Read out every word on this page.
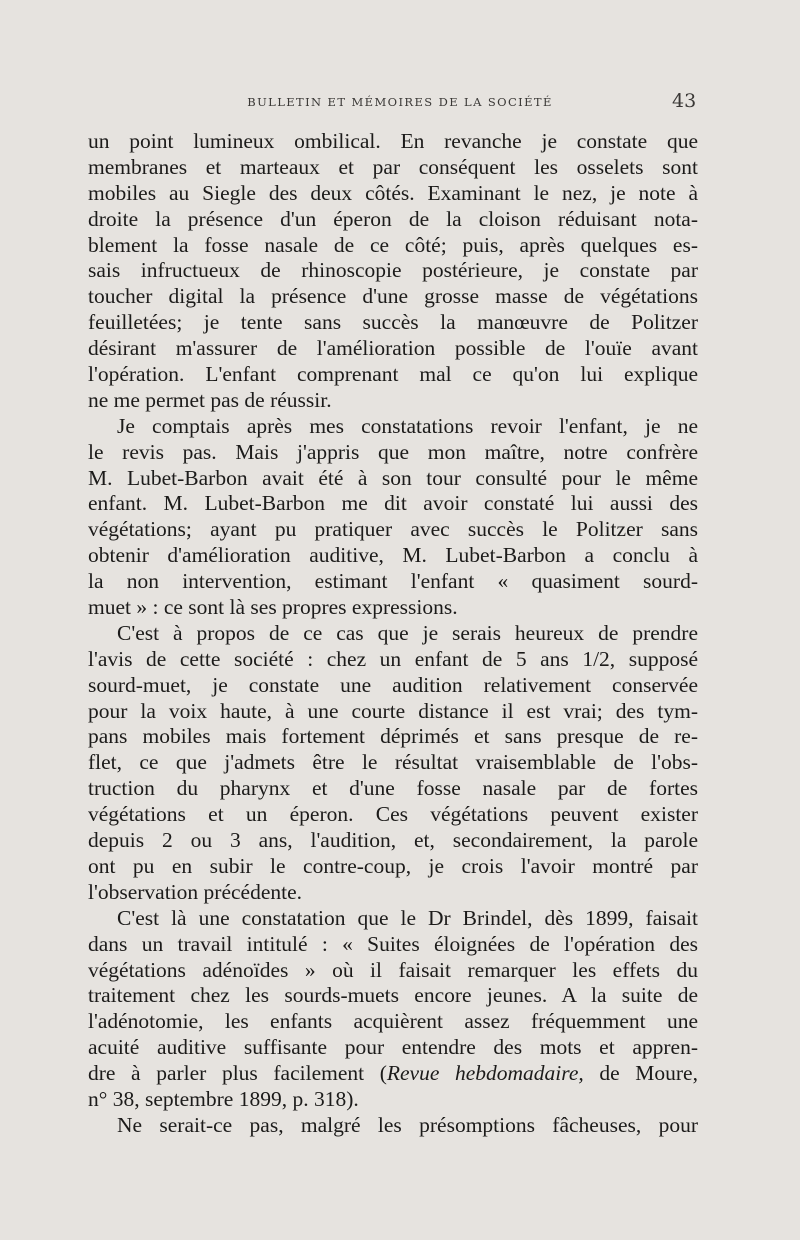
BULLETIN ET MÉMOIRES DE LA SOCIÉTÉ	43
un point lumineux ombilical. En revanche je constate que
membranes et marteaux et par conséquent les osselets sont
mobiles au Siegle des deux côtés. Examinant le nez, je note à
droite la présence d'un éperon de la cloison réduisant nota-
blement la fosse nasale de ce côté; puis, après quelques es-
sais infructueux de rhinoscopie postérieure, je constate par
toucher digital la présence d'une grosse masse de végétations
feuilletées; je tente sans succès la manœuvre de Politzer
désirant m'assurer de l'amélioration possible de l'ouïe avant
l'opération. L'enfant comprenant mal ce qu'on lui explique
ne me permet pas de réussir.
Je comptais après mes constatations revoir l'enfant, je ne
le revis pas. Mais j'appris que mon maître, notre confrère
M. Lubet-Barbon avait été à son tour consulté pour le même
enfant. M. Lubet-Barbon me dit avoir constaté lui aussi des
végétations; ayant pu pratiquer avec succès le Politzer sans
obtenir d'amélioration auditive, M. Lubet-Barbon a conclu à
la non intervention, estimant l'enfant « quasiment sourd-
muet » : ce sont là ses propres expressions.
C'est à propos de ce cas que je serais heureux de prendre
l'avis de cette société : chez un enfant de 5 ans 1/2, supposé
sourd-muet, je constate une audition relativement conservée
pour la voix haute, à une courte distance il est vrai; des tym-
pans mobiles mais fortement déprimés et sans presque de re-
flet, ce que j'admets être le résultat vraisemblable de l'obs-
truction du pharynx et d'une fosse nasale par de fortes
végétations et un éperon. Ces végétations peuvent exister
depuis 2 ou 3 ans, l'audition, et, secondairement, la parole
ont pu en subir le contre-coup, je crois l'avoir montré par
l'observation précédente.
C'est là une constatation que le Dr Brindel, dès 1899, faisait
dans un travail intitulé : « Suites éloignées de l'opération des
végétations adénoïdes » où il faisait remarquer les effets du
traitement chez les sourds-muets encore jeunes. A la suite de
l'adénotomie, les enfants acquièrent assez fréquemment une
acuité auditive suffisante pour entendre des mots et appren-
dre à parler plus facilement (Revue hebdomadaire, de Moure,
n° 38, septembre 1899, p. 318).
Ne serait-ce pas, malgré les présomptions fâcheuses, pour
